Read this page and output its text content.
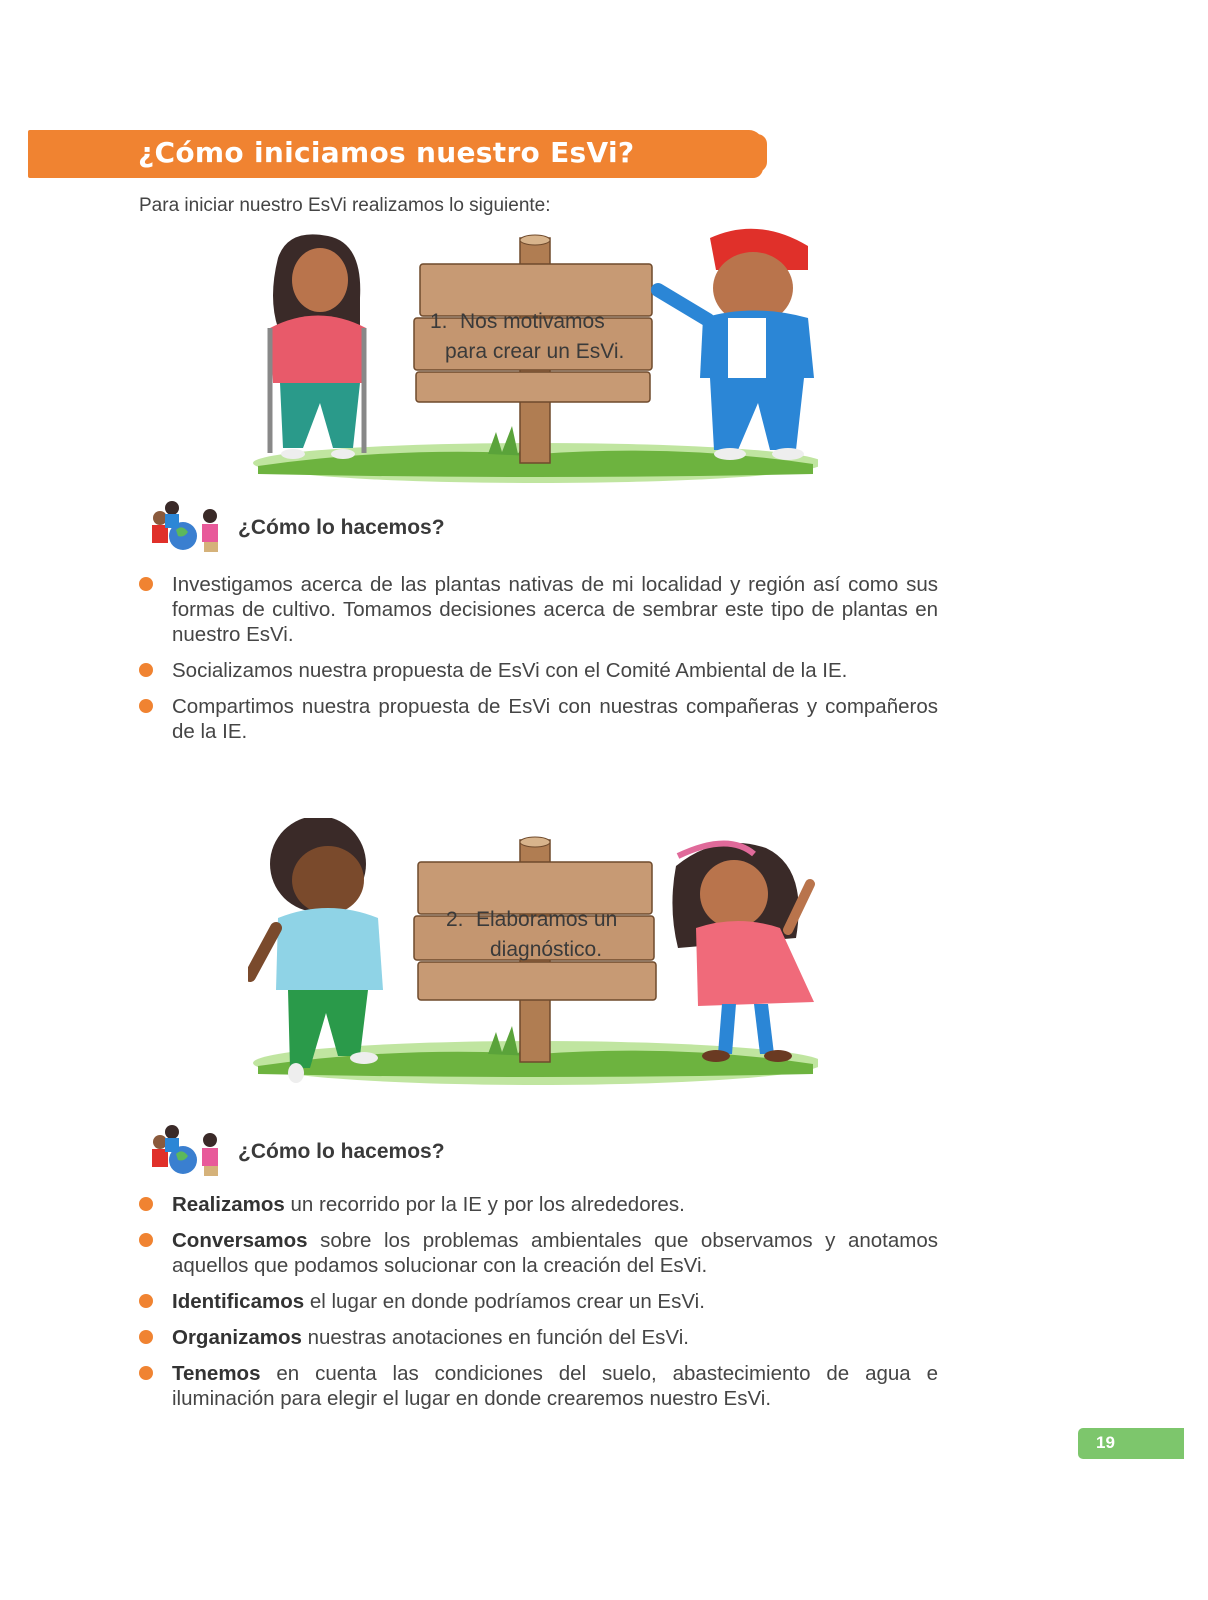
¿Cómo iniciamos nuestro EsVi?

Para iniciar nuestro EsVi realizamos lo siguiente:

1. Nos motivamos
para crear un EsVi.
¿Cómo lo hacemos?
Investigamos acerca de las plantas nativas de mi localidad y región así como sus formas de cultivo. Tomamos decisiones acerca de sembrar este tipo de plantas en nuestro EsVi.
Socializamos nuestra propuesta de EsVi con el Comité Ambiental de la IE.
Compartimos nuestra propuesta de EsVi con nuestras compañeras y compañeros de la IE.
2. Elaboramos un
diagnóstico.
¿Cómo lo hacemos?
Realizamos un recorrido por la IE y por los alrededores.
Conversamos sobre los problemas ambientales que observamos y anotamos aquellos que podamos solucionar con la creación del EsVi.
Identificamos el lugar en donde podríamos crear un EsVi.
Organizamos nuestras anotaciones en función del EsVi.
Tenemos en cuenta las condiciones del suelo, abastecimiento de agua e iluminación para elegir el lugar en donde crearemos nuestro EsVi.
19
